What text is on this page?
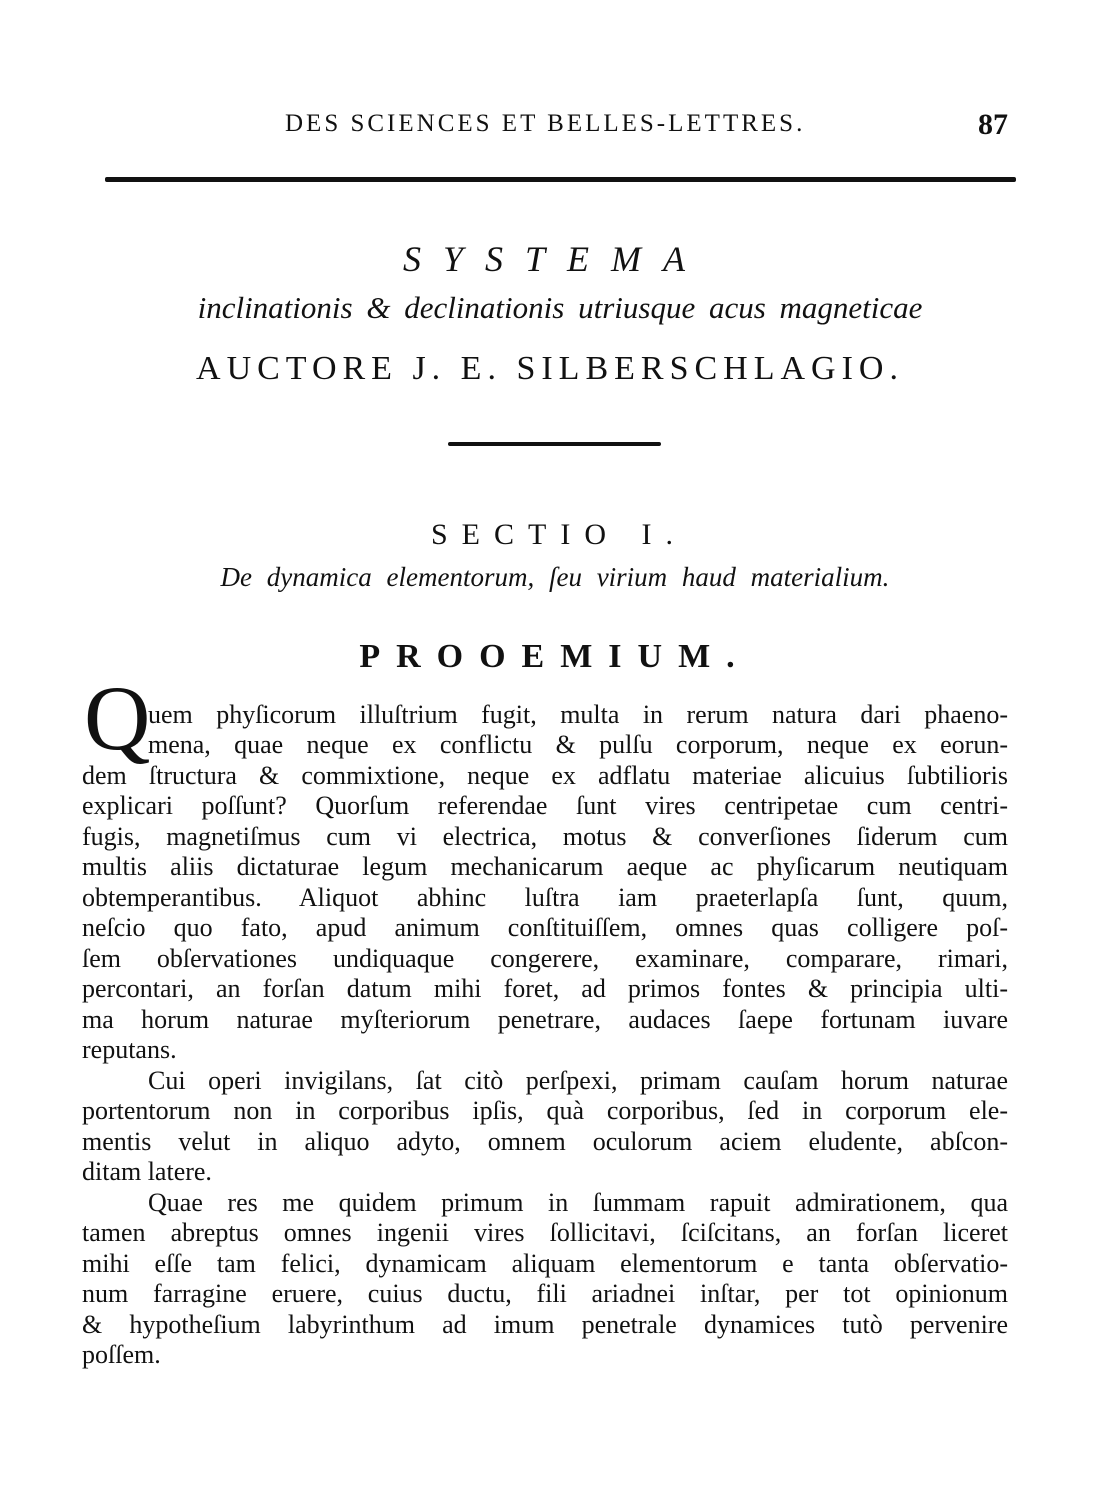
DES SCIENCES ET BELLES-LETTRES.	87
SYSTEMA
inclinationis & declinationis utriusque acus magneticae
AUCTORE J. E. SILBERSCHLAGIO.
SECTIO I.
De dynamica elementorum, ſeu virium haud materialium.
PROOEMIUM.
Q
uem phyſicorum illuſtrium fugit, multa in rerum natura dari phaeno-
mena, quae neque ex conflictu & pulſu corporum, neque ex eorun-
dem ſtructura & commixtione, neque ex adflatu materiae alicuius ſubtilioris
explicari poſſunt? Quorſum referendae ſunt vires centripetae cum centri-
fugis, magnetiſmus cum vi electrica, motus & converſiones ſiderum cum
multis aliis dictaturae legum mechanicarum aeque ac phyſicarum neutiquam
obtemperantibus. Aliquot abhinc luſtra iam praeterlapſa ſunt, quum,
neſcio quo fato, apud animum conſtituiſſem, omnes quas colligere poſ-
ſem obſervationes undiquaque congerere, examinare, comparare, rimari,
percontari, an forſan datum mihi foret, ad primos fontes & principia ulti-
ma horum naturae myſteriorum penetrare, audaces ſaepe fortunam iuvare
reputans.
Cui operi invigilans, ſat citò perſpexi, primam cauſam horum naturae
portentorum non in corporibus ipſis, quà corporibus, ſed in corporum ele-
mentis velut in aliquo adyto, omnem oculorum aciem eludente, abſcon-
ditam latere.
Quae res me quidem primum in ſummam rapuit admirationem, qua
tamen abreptus omnes ingenii vires ſollicitavi, ſciſcitans, an forſan liceret
mihi eſſe tam felici, dynamicam aliquam elementorum e tanta obſervatio-
num farragine eruere, cuius ductu, fili ariadnei inſtar, per tot opinionum
& hypotheſium labyrinthum ad imum penetrale dynamices tutò pervenire
poſſem.
